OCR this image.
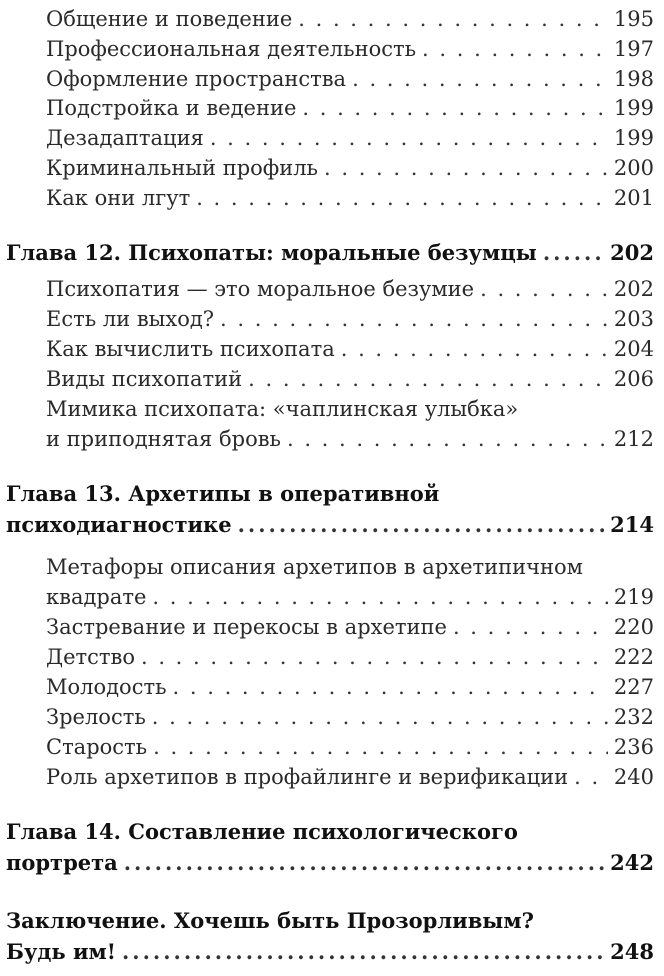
Общение и поведение . . .	195
Профессиональная деятельность . . .	197
Оформление пространства . . .	198
Подстройка и ведение . . .	199
Дезадаптация . . .	199
Криминальный профиль . . .	200
Как они лгут . . .	201
Глава 12. Психопаты: моральные безумцы .....	202
Психопатия — это моральное безумие . . .	202
Есть ли выход? . . .	203
Как вычислить психопата . . .	204
Виды психопатий . . .	206
Мимика психопата: «чаплинская улыбка»
и приподнятая бровь . . .	212
Глава 13. Архетипы в оперативной
психодиагностике .....	214
Метафоры описания архетипов в архетипичном
квадрате . . .	219
Застревание и перекосы в архетипе . . .	220
Детство . . .	222
Молодость . . .	227
Зрелость . . .	232
Старость . . .	236
Роль архетипов в профайлинге и верификации . . . 240
Глава 14. Составление психологического
портрета .....	242
Заключение. Хочешь быть Прозорливым?
Будь им! .....	248
